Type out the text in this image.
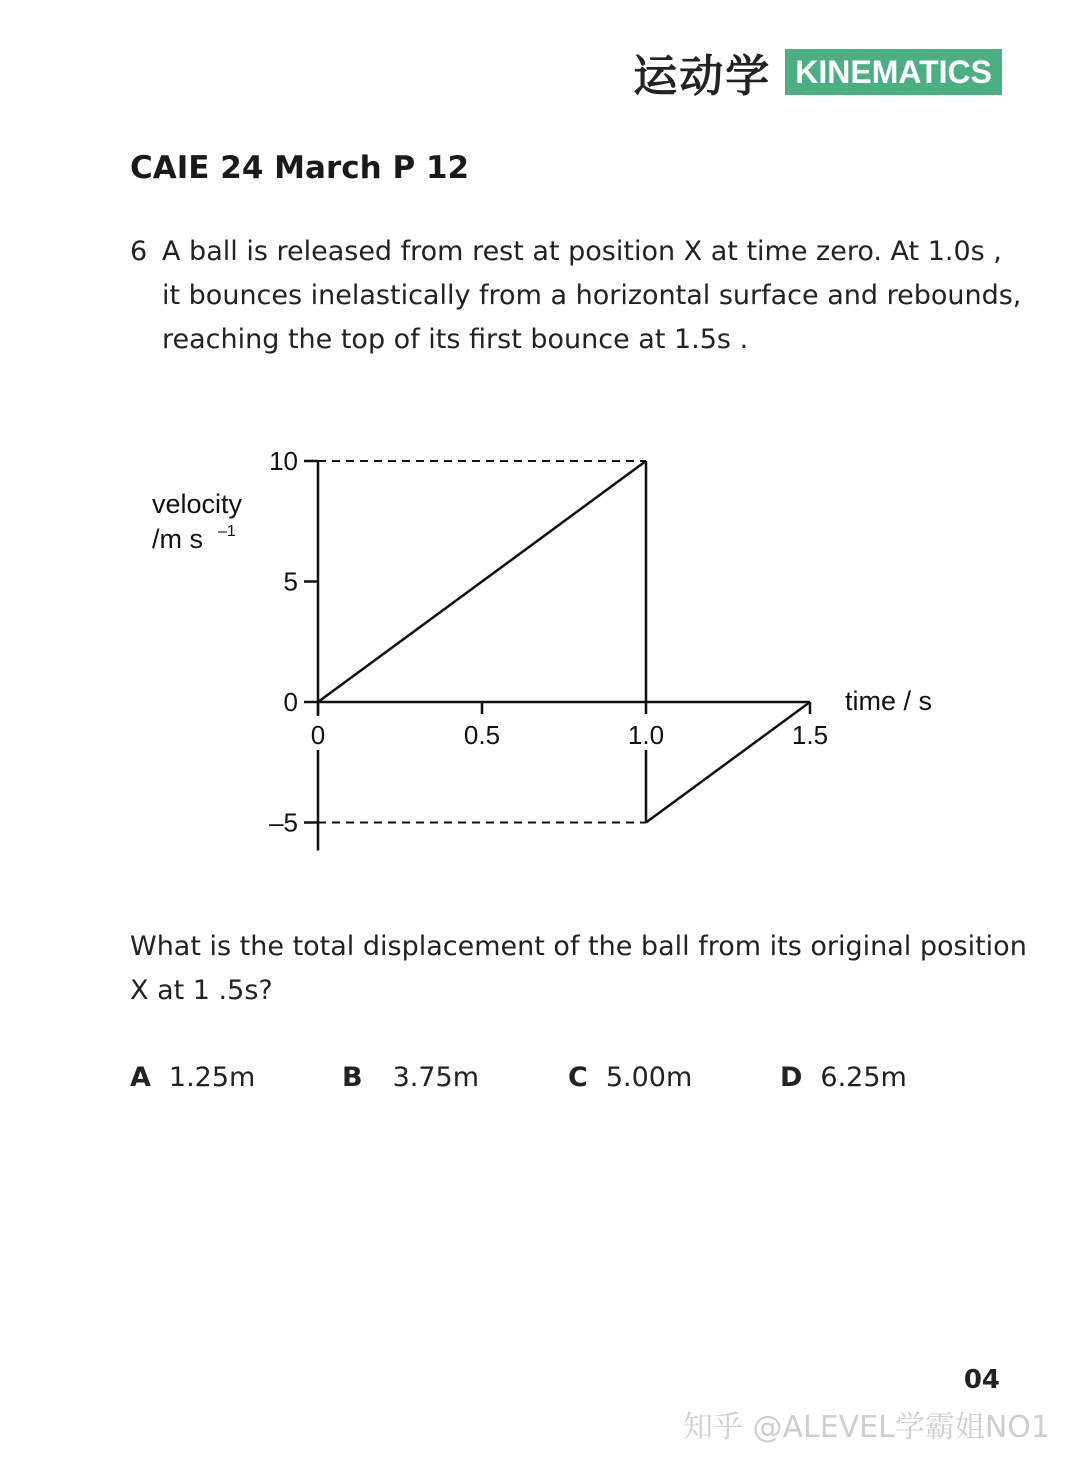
运动学 KINEMATICS
CAIE 24 March P 12
6 A ball is released from rest at position X at time zero. At 1.0s ,
it bounces inelastically from a horizontal surface and rebounds,
reaching the top of its first bounce at 1.5s .
velocity
/m s –1
time / s
10
5
0
–5
0	0.5	1.0	1.5
What is the total displacement of the ball from its original position
X at 1 .5s?
A 1.25m	B 3.75m	C 5.00m	D 6.25m
04
知乎 @ALEVEL学霸姐NO1
